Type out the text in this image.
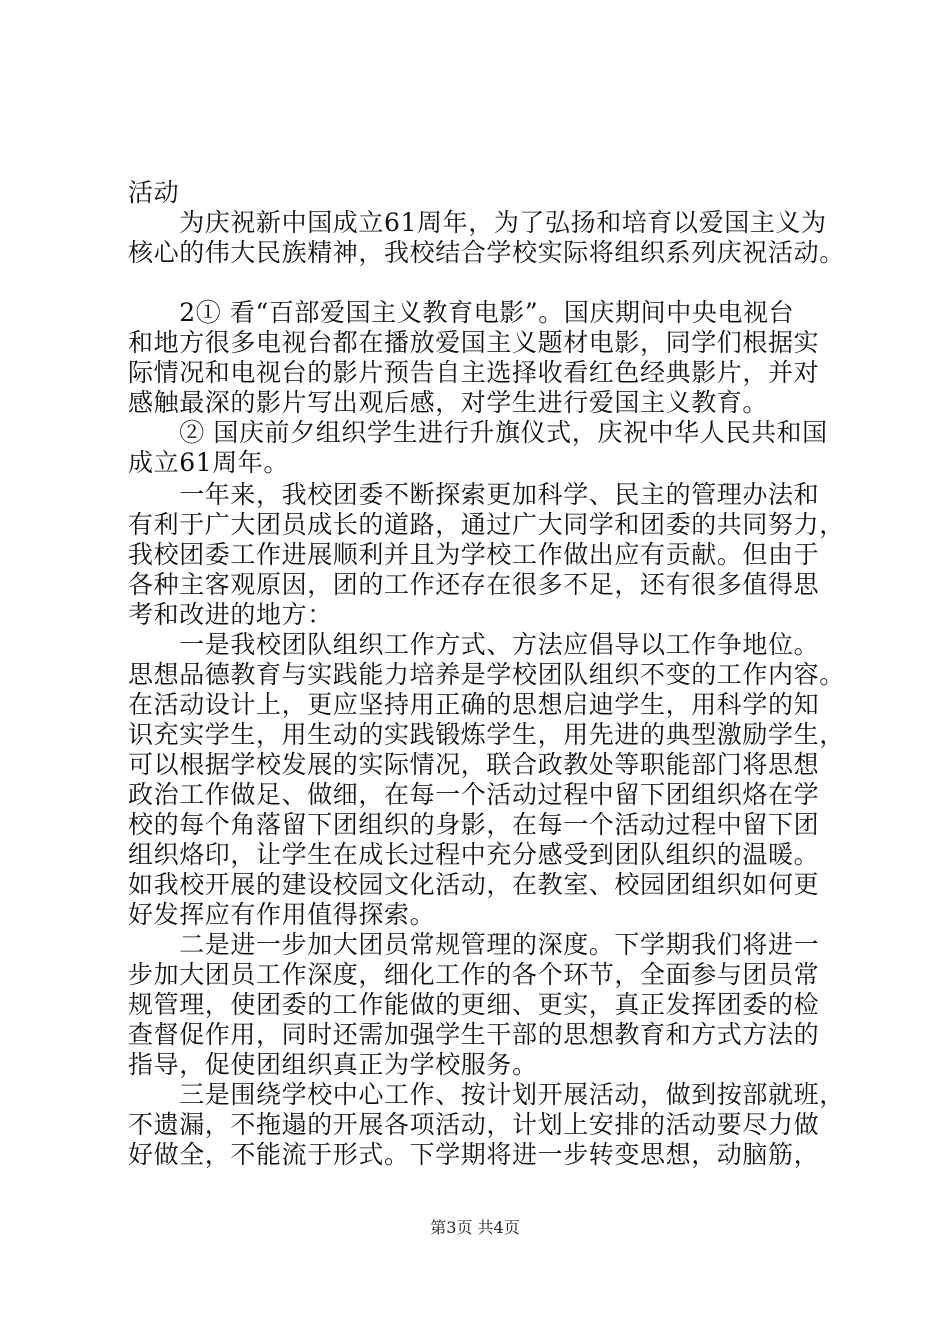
活动
　　为庆祝新中国成立61周年，为了弘扬和培育以爱国主义为
核心的伟大民族精神，我校结合学校实际将组织系列庆祝活动。
　　2① 看“百部爱国主义教育电影”。国庆期间中央电视台
和地方很多电视台都在播放爱国主义题材电影，同学们根据实
际情况和电视台的影片预告自主选择收看红色经典影片，并对
感触最深的影片写出观后感，对学生进行爱国主义教育。
　　② 国庆前夕组织学生进行升旗仪式，庆祝中华人民共和国
成立61周年。
　　一年来，我校团委不断探索更加科学、民主的管理办法和
有利于广大团员成长的道路，通过广大同学和团委的共同努力，
我校团委工作进展顺利并且为学校工作做出应有贡献。但由于
各种主客观原因，团的工作还存在很多不足，还有很多值得思
考和改进的地方：
　　一是我校团队组织工作方式、方法应倡导以工作争地位。
思想品德教育与实践能力培养是学校团队组织不变的工作内容。
在活动设计上，更应坚持用正确的思想启迪学生，用科学的知
识充实学生，用生动的实践锻炼学生，用先进的典型激励学生，
可以根据学校发展的实际情况，联合政教处等职能部门将思想
政治工作做足、做细，在每一个活动过程中留下团组织烙在学
校的每个角落留下团组织的身影，在每一个活动过程中留下团
组织烙印，让学生在成长过程中充分感受到团队组织的温暖。
如我校开展的建设校园文化活动，在教室、校园团组织如何更
好发挥应有作用值得探索。
　　二是进一步加大团员常规管理的深度。下学期我们将进一
步加大团员工作深度，细化工作的各个环节，全面参与团员常
规管理，使团委的工作能做的更细、更实，真正发挥团委的检
查督促作用，同时还需加强学生干部的思想教育和方式方法的
指导，促使团组织真正为学校服务。
　　三是围绕学校中心工作、按计划开展活动，做到按部就班，
不遗漏，不拖遢的开展各项活动，计划上安排的活动要尽力做
好做全，不能流于形式。下学期将进一步转变思想，动脑筋，
第3页 共4页
